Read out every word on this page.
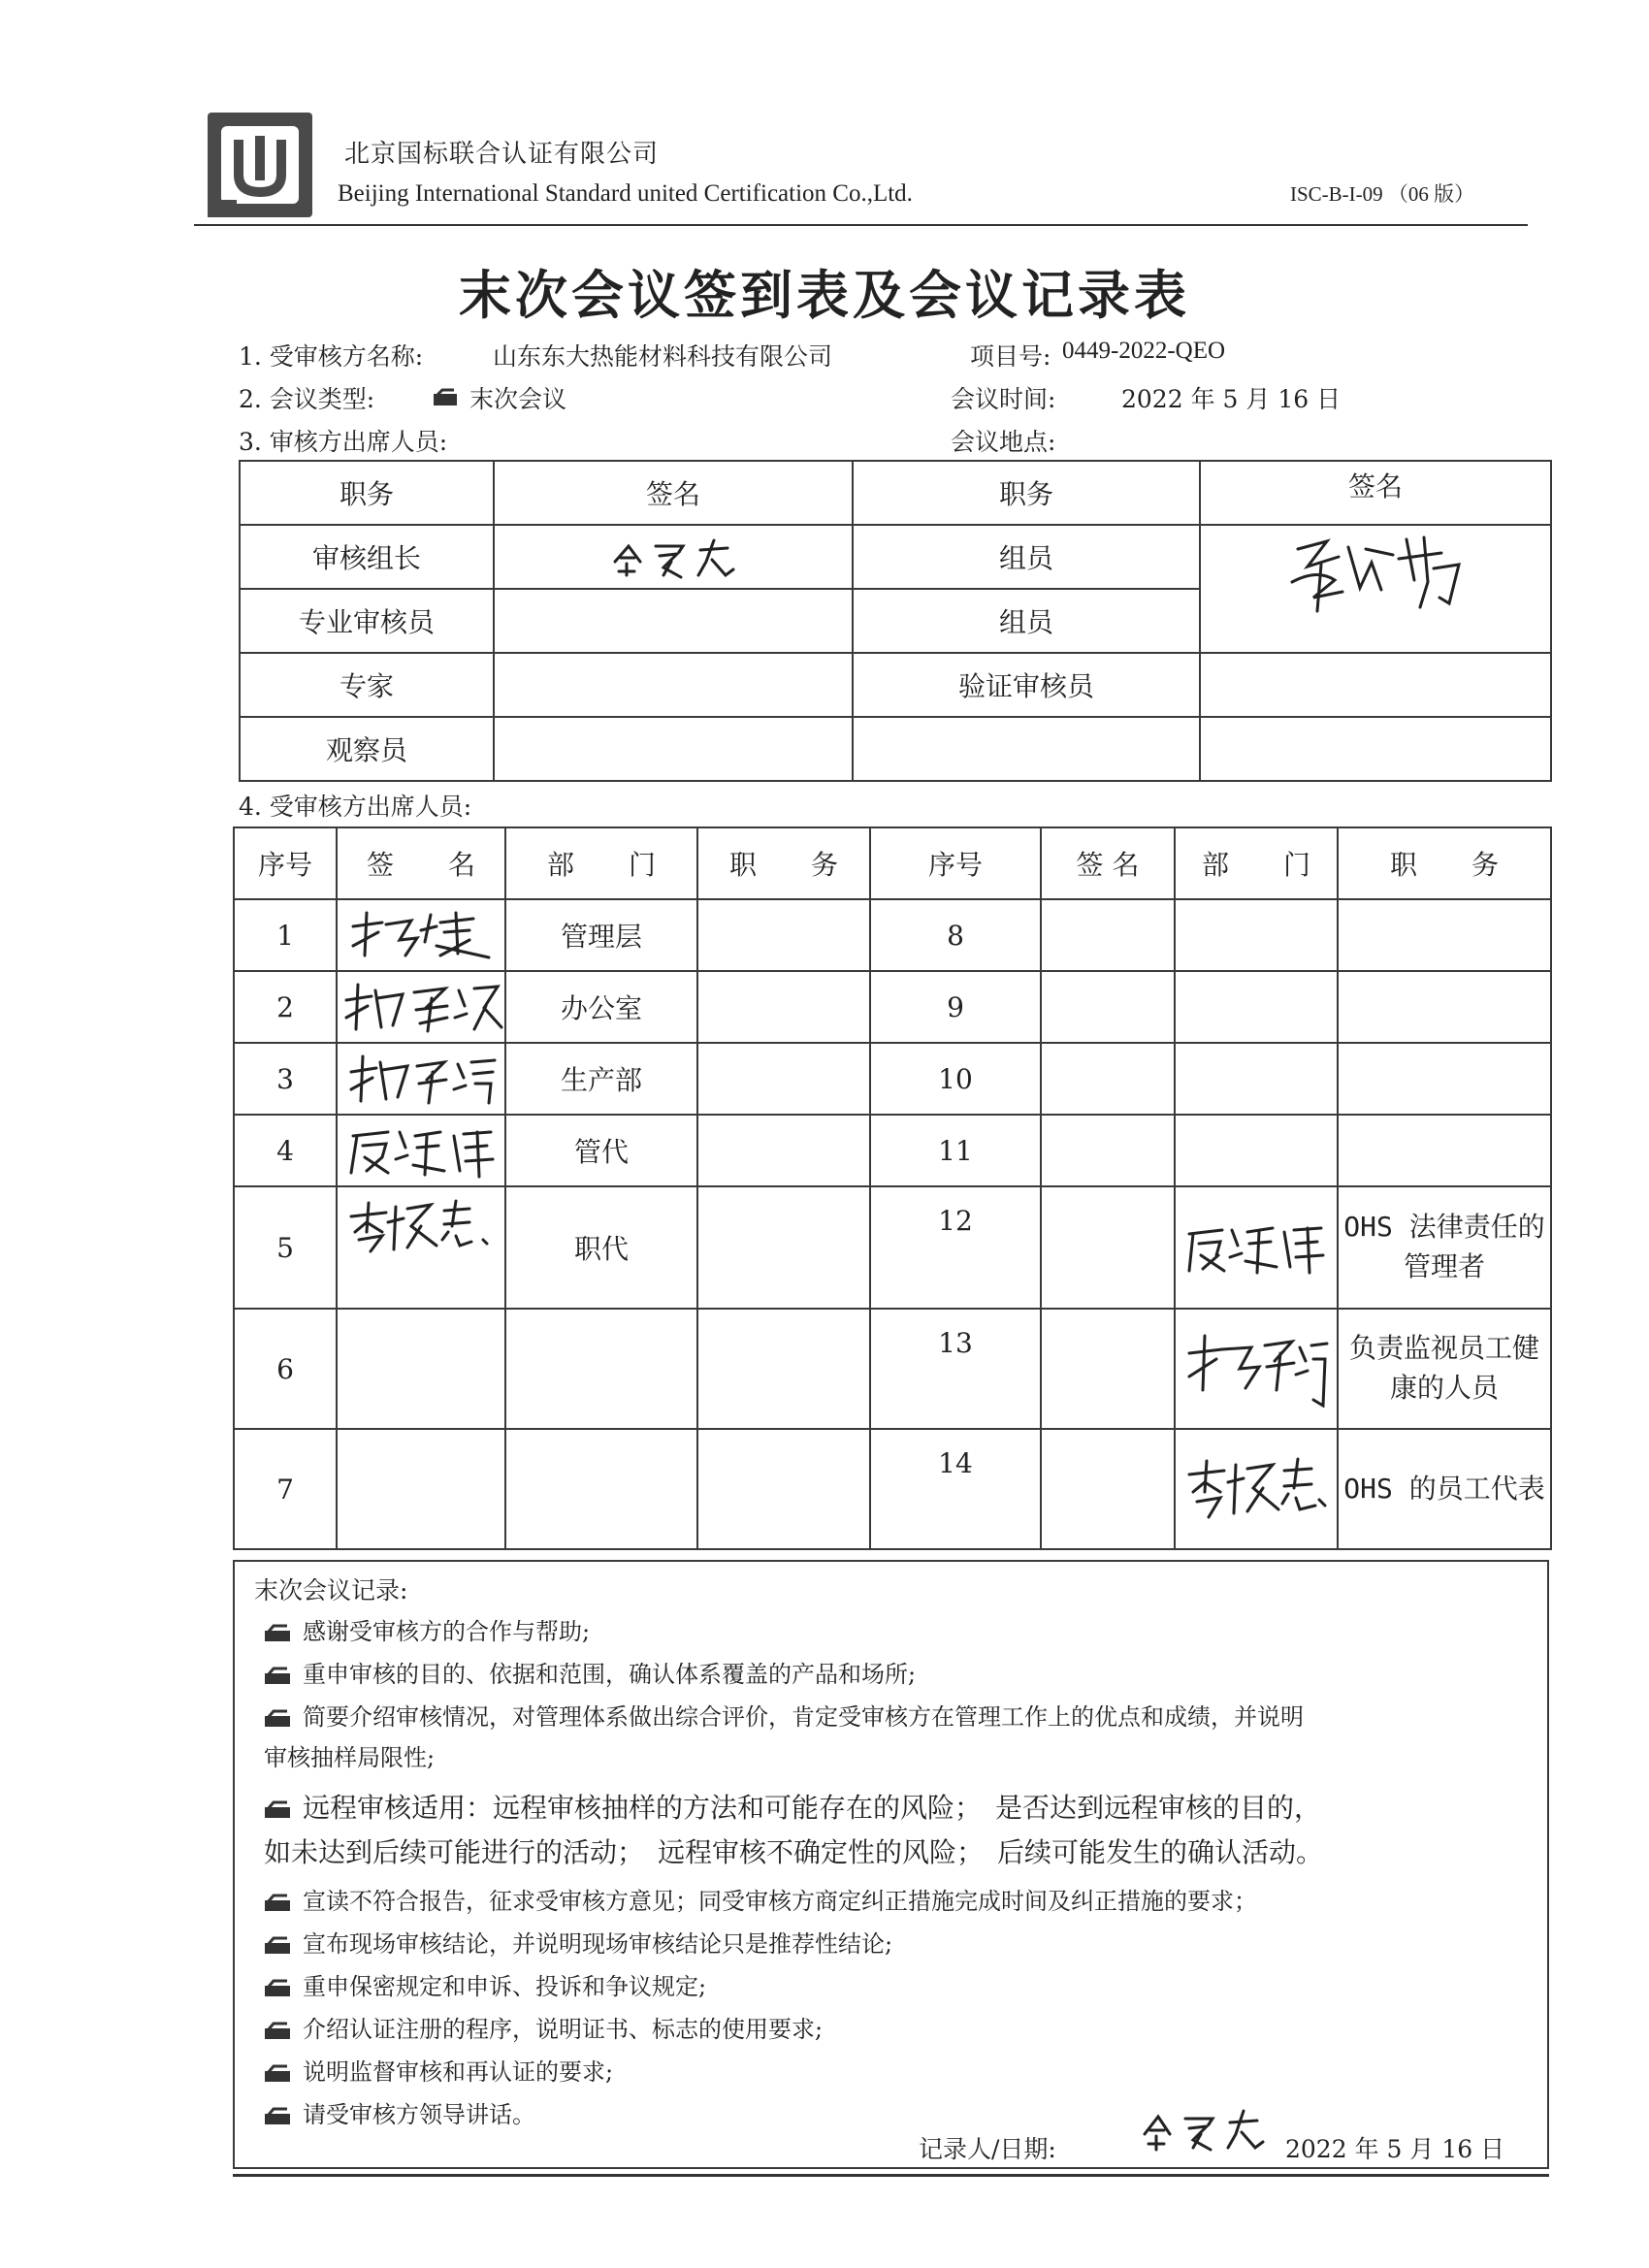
北京国标联合认证有限公司
Beijing International Standard united Certification Co.,Ltd.	ISC-B-I-09 （06 版）
末次会议签到表及会议记录表
1. 受审核方名称:	山东东大热能材料科技有限公司	项目号: 0449-2022-QEO
2. 会议类型:	末次会议	会议时间:	2022 年 5 月 16 日
3. 审核方出席人员:	会议地点:
职务	签名	职务	签名
审核组长		组员	

专业审核员		组员	
专家		验证审核员	
观察员			
4. 受审核方出席人员:
序号	签　　名	部　　门	职　　务	序号	签 名	部　　门	职　　务
1		管理层		8			
2		办公室		9			
3		生产部		10			
4		管代		11			
5		职代		12			OHS 法律责任的管理者
6				13			负责监视员工健康的人员
7				14			OHS 的员工代表
末次会议记录:
感谢受审核方的合作与帮助;
重申审核的目的、依据和范围，确认体系覆盖的产品和场所;
简要介绍审核情况，对管理体系做出综合评价，肯定受审核方在管理工作上的优点和成绩，并说明
审核抽样局限性;
远程审核适用：远程审核抽样的方法和可能存在的风险；　是否达到远程审核的目的，
如未达到后续可能进行的活动；　远程审核不确定性的风险；　后续可能发生的确认活动。
宣读不符合报告，征求受审核方意见；同受审核方商定纠正措施完成时间及纠正措施的要求；
宣布现场审核结论，并说明现场审核结论只是推荐性结论;
重申保密规定和申诉、投诉和争议规定;
介绍认证注册的程序，说明证书、标志的使用要求;
说明监督审核和再认证的要求;
请受审核方领导讲话。
记录人/日期:	2022 年 5 月 16 日
